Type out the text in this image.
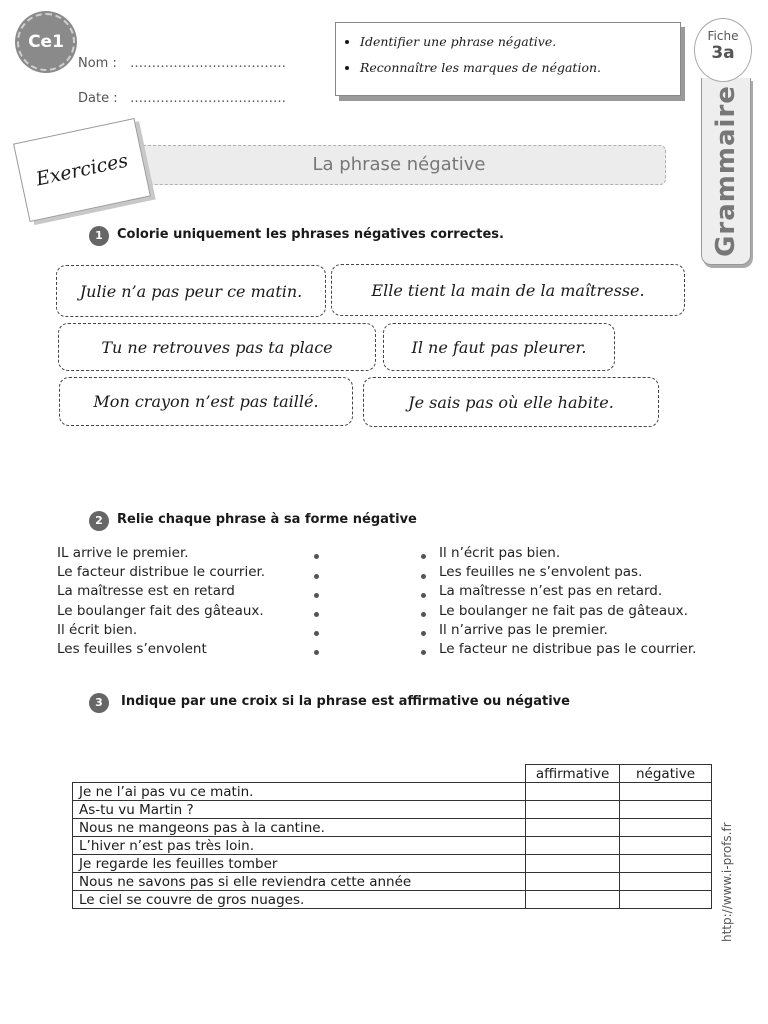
Ce1
Nom : ………………………………
Date : ………………………………
• Identifier une phrase négative.
• Reconnaître les marques de négation.
Grammaire
Fiche
3a
La phrase négative
Exercices
1	Colorie uniquement les phrases négatives correctes.
Julie n’a pas peur ce matin.	Elle tient la main de la maîtresse.
Tu ne retrouves pas ta place	Il ne faut pas pleurer.
Mon crayon n’est pas taillé.	Je sais pas où elle habite.
2	Relie chaque phrase à sa forme négative
IL arrive le premier.
Le facteur distribue le courrier.
La maîtresse est en retard
Le boulanger fait des gâteaux.
Il écrit bien.
Les feuilles s’envolent
Il n’écrit pas bien.
Les feuilles ne s’envolent pas.
La maîtresse n’est pas en retard.
Le boulanger ne fait pas de gâteaux.
Il n’arrive pas le premier.
Le facteur ne distribue pas le courrier.
3	Indique par une croix si la phrase est affirmative ou négative
	affirmative	négative
Je ne l’ai pas vu ce matin.		
As-tu vu Martin ?		
Nous ne mangeons pas à la cantine.		
L’hiver n’est pas très loin.		
Je regarde les feuilles tomber		
Nous ne savons pas si elle reviendra cette année		
Le ciel se couvre de gros nuages.			http://www.i-profs.fr
